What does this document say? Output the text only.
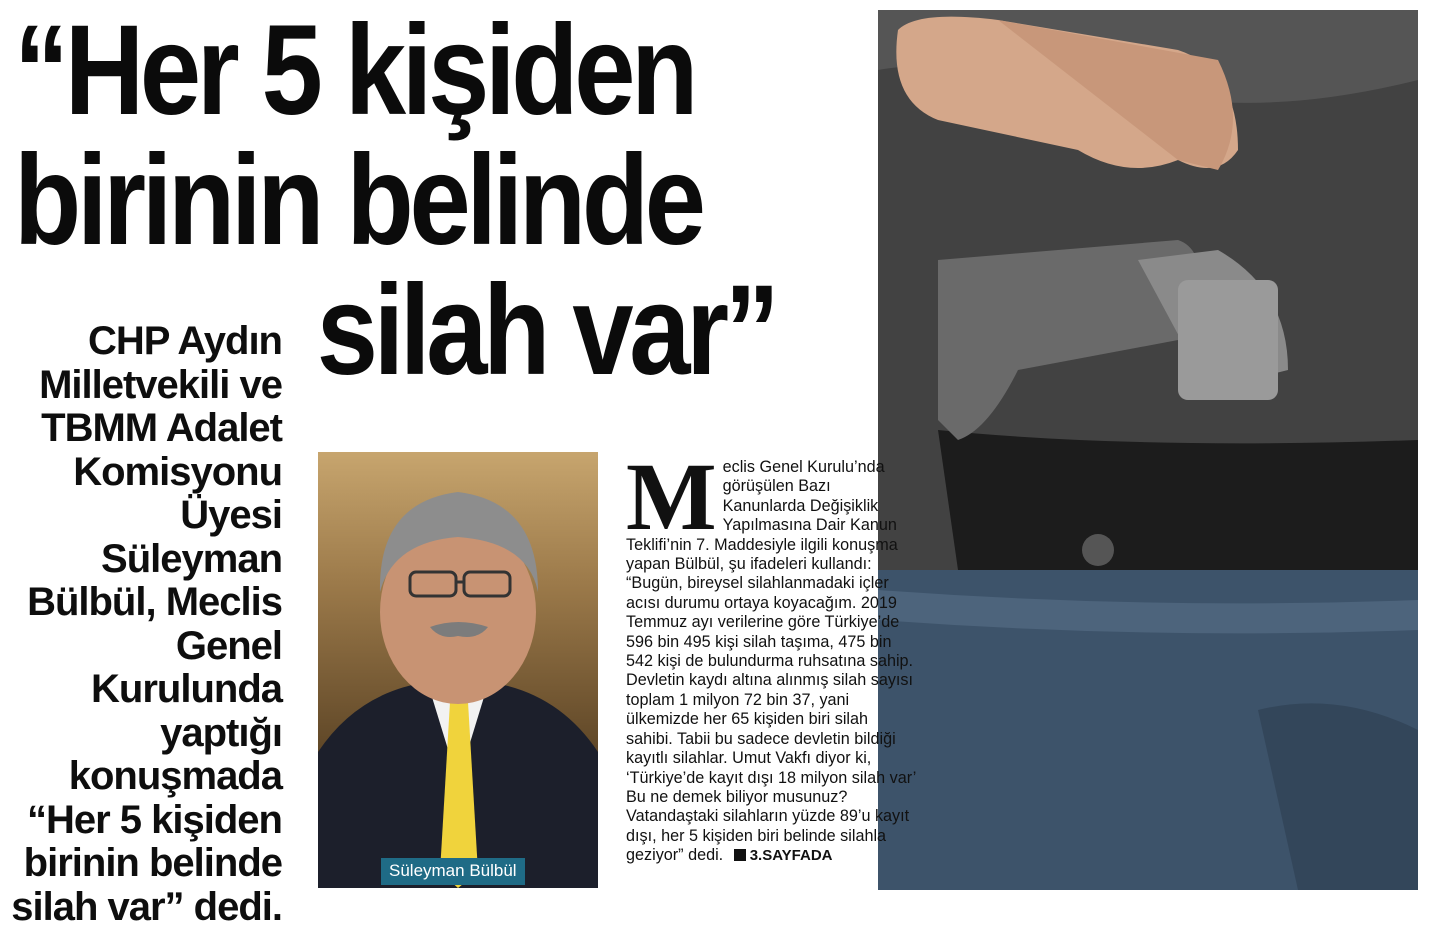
“Her 5 kişiden
birinin belinde
silah var”

CHP Aydın Milletvekili ve TBMM Adalet Komisyonu Üyesi Süleyman Bülbül, Meclis Genel Kurulunda yaptığı konuşmada “Her 5 kişiden birinin belinde silah var” dedi.

Süleyman Bülbül
M eclis Genel Kurulu’nda görüşülen Bazı Kanunlarda Değişiklik Yapılmasına Dair Kanun Teklifi’nin 7. Maddesiyle ilgili konuşma yapan Bülbül, şu ifadeleri kullandı: “Bugün, bireysel silahlanmadaki içler acısı durumu ortaya koyacağım. 2019 Temmuz ayı verilerine göre Türkiye’de 596 bin 495 kişi silah taşıma, 475 bin 542 kişi de bulundurma ruhsatına sahip. Devletin kaydı altına alınmış silah sayısı toplam 1 milyon 72 bin 37, yani ülkemizde her 65 kişiden biri silah sahibi. Tabii bu sadece devletin bildiği kayıtlı silahlar. Umut Vakfı diyor ki, ‘Türkiye’de kayıt dışı 18 milyon silah var’ Bu ne demek biliyor musunuz? Vatandaştaki silahların yüzde 89’u kayıt dışı, her 5 kişiden biri belinde silahla geziyor” dedi. 3.SAYFADA
